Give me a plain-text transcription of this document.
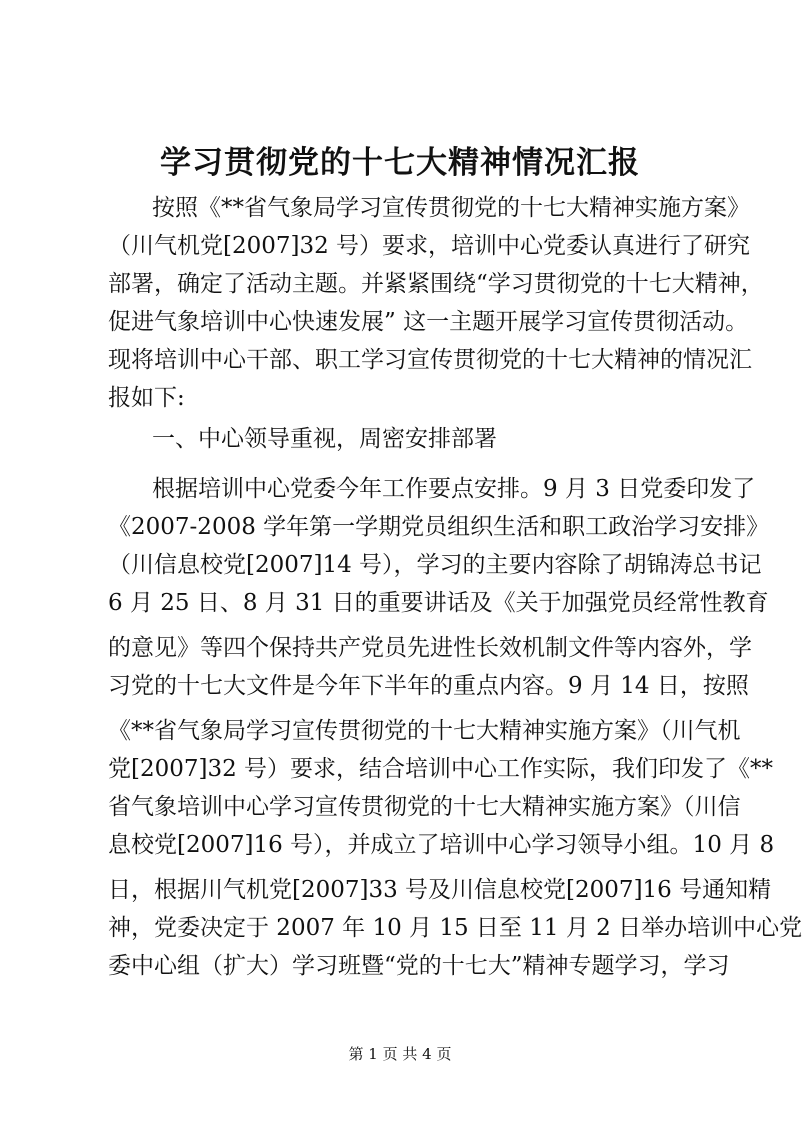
学习贯彻党的十七大精神情况汇报
按照《**省气象局学习宣传贯彻党的十七大精神实施方案》
（川气机党[2007]32 号）要求，培训中心党委认真进行了研究
部署，确定了活动主题。并紧紧围绕“学习贯彻党的十七大精神，
促进气象培训中心快速发展” 这一主题开展学习宣传贯彻活动。
现将培训中心干部、职工学习宣传贯彻党的十七大精神的情况汇
报如下:
一、中心领导重视，周密安排部署
根据培训中心党委今年工作要点安排。9 月 3 日党委印发了
《2007-2008 学年第一学期党员组织生活和职工政治学习安排》
（川信息校党[2007]14 号），学习的主要内容除了胡锦涛总书记
6 月 25 日、8 月 31 日的重要讲话及《关于加强党员经常性教育
的意见》等四个保持共产党员先进性长效机制文件等内容外，学
习党的十七大文件是今年下半年的重点内容。9 月 14 日，按照
《**省气象局学习宣传贯彻党的十七大精神实施方案》（川气机
党[2007]32 号）要求，结合培训中心工作实际，我们印发了《**
省气象培训中心学习宣传贯彻党的十七大精神实施方案》（川信
息校党[2007]16 号），并成立了培训中心学习领导小组。10 月 8
日，根据川气机党[2007]33 号及川信息校党[2007]16 号通知精
神，党委决定于 2007 年 10 月 15 日至 11 月 2 日举办培训中心党
委中心组（扩大）学习班暨“党的十七大”精神专题学习，学习
第 1 页 共 4 页
